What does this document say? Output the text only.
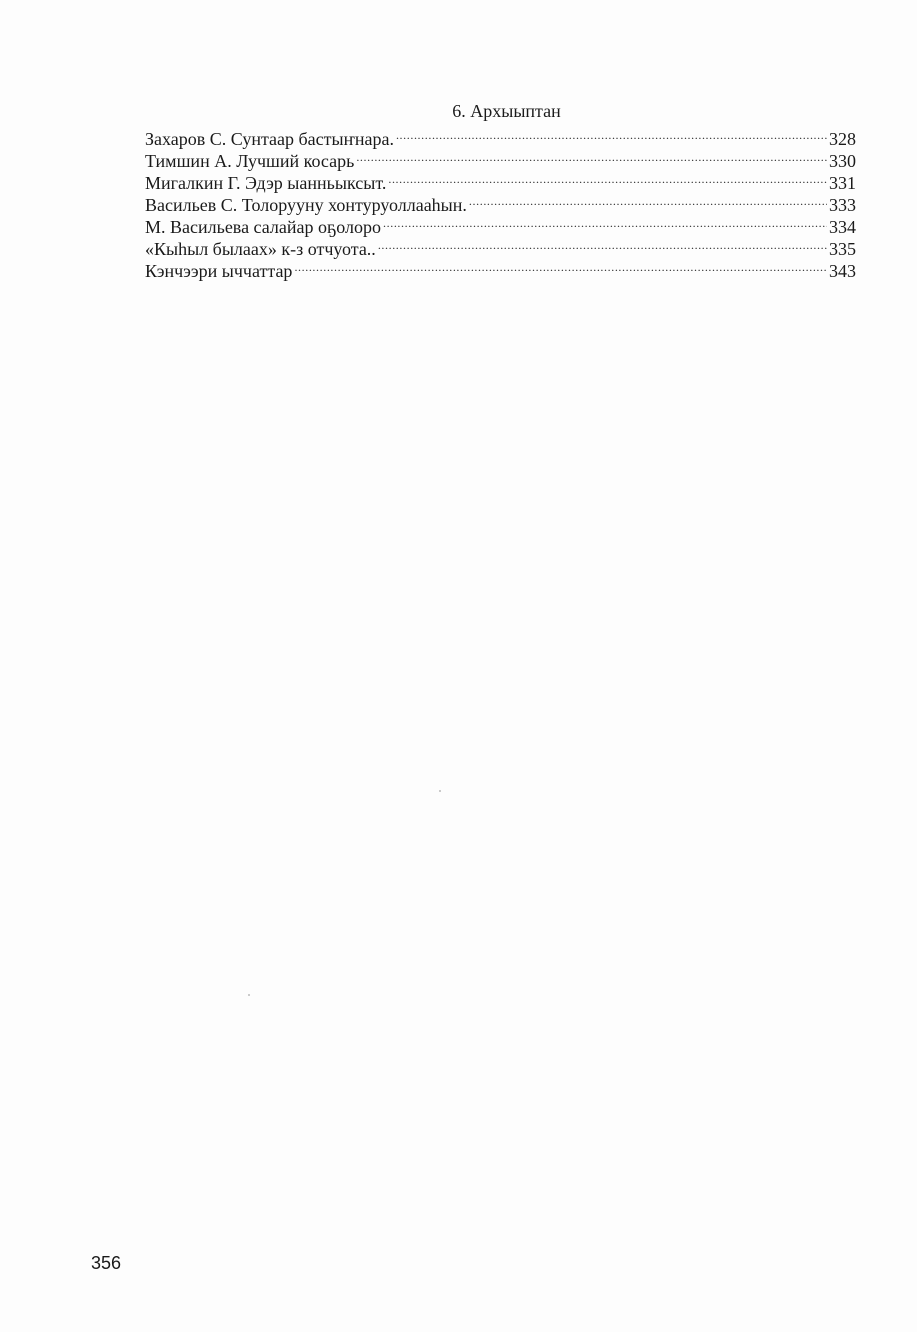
6. Архыыптан
Захаров С. Сунтаар бастыҥнара. .....	328
Тимшин А. Лучший косарь .....	330
Мигалкин Г. Эдэр ыанньыксыт. .....	331
Васильев С. Толорууну хонтуруоллааһын. .....	333
М. Васильева салайар оҕолоро .....	334
«Кыһыл былаах» к-з отчуота.. .....	335
Кэнчээри ыччаттар .....	343
356
